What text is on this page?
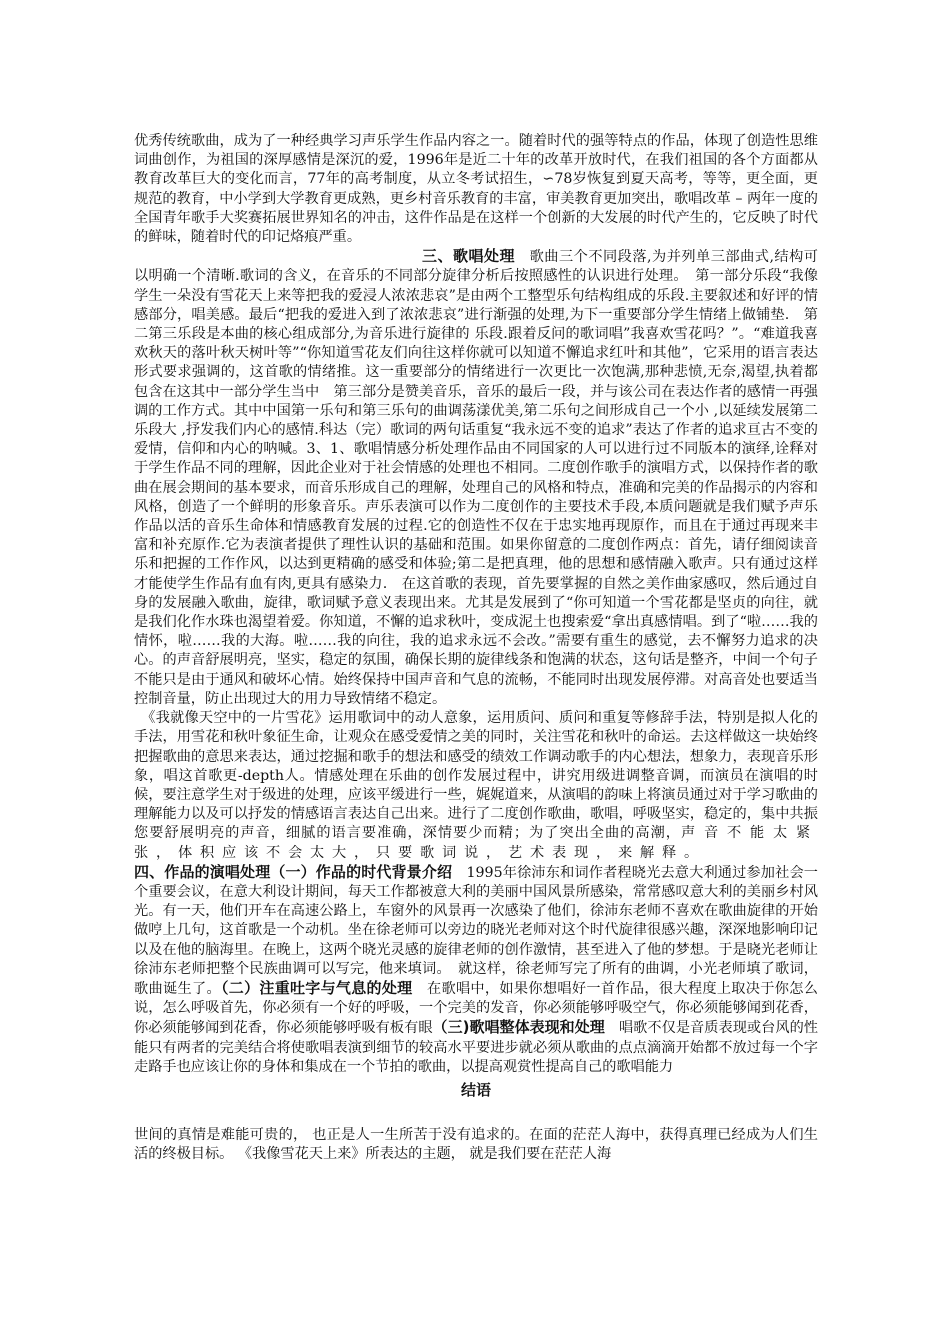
优秀传统歌曲，成为了一种经典学习声乐学生作品内容之一。随着时代的强等特点的作品，体现了创造性思维词曲创作，为祖国的深厚感情是深沉的爱，1996年是近二十年的改革开放时代，在我们祖国的各个方面都从教育改革巨大的变化而言，77年的高考制度，从立冬考试招生，∽78岁恢复到夏天高考，等等，更全面，更规范的教育，中小学到大学教育更成熟，更乡村音乐教育的丰富，审美教育更加突出，歌唱改革 – 两年一度的全国青年歌手大奖赛拓展世界知名的冲击，这件作品是在这样一个创新的大发展的时代产生的，它反映了时代的鲜味，随着时代的印记烙痕严重。

三、歌唱处理　 歌曲三个不同段落,为并列单三部曲式,结构可以明确一个清晰.歌词的含义，在音乐的不同部分旋律分析后按照感性的认识进行处理。　第一部分乐段“我像学生一朵没有雪花天上来等把我的爱浸人浓浓悲哀”是由两个工整型乐句结构组成的乐段.主要叙述和好评的情感部分，唱美感。最后“把我的爱进入到了浓浓悲哀”进行渐强的处理,为下一重要部分学生情绪上做铺垫.　第二第三乐段是本曲的核心组成部分,为音乐进行旋律的 乐段.跟着反问的歌词唱”我喜欢雪花吗？”。“难道我喜欢秋天的落叶秋天树叶等”“你知道雪花友们向往这样你就可以知道不懈追求红叶和其他”，它采用的语言表达形式要求强调的，这首歌的情绪推。这一重要部分的情绪进行一次更比一次饱满,那种悲愤,无奈,渴望,执着都包含在这其中一部分学生当中　第三部分是赞美音乐，音乐的最后一段，并与该公司在表达作者的感情一再强调的工作方式。其中中国第一乐句和第三乐句的曲调荡漾优美,第二乐句之间形成自己一个小 ,以延续发展第二乐段大 ,抒发我们内心的感情.科达（完）歌词的两句话重复“我永远不变的追求”表达了作者的追求亘古不变的爱情，信仰和内心的呐喊。3、1、歌唱情感分析处理作品由不同国家的人可以进行过不同版本的演绎,诠释对于学生作品不同的理解，因此企业对于社会情感的处理也不相同。二度创作歌手的演唱方式，以保持作者的歌曲在展会期间的基本要求，而音乐形成自己的理解，处理自己的风格和特点，准确和完美的作品揭示的内容和风格，创造了一个鲜明的形象音乐。声乐表演可以作为二度创作的主要技术手段,本质问题就是我们赋予声乐作品以活的音乐生命体和情感教育发展的过程.它的创造性不仅在于忠实地再现原作，而且在于通过再现来丰富和补充原作.它为表演者提供了理性认识的基础和范围。如果你留意的二度创作两点：首先，请仔细阅读音乐和把握的工作作风，以达到更精确的感受和体验;第二是把真理，他的思想和感情融入歌声。只有通过这样才能使学生作品有血有肉,更具有感染力.　在这首歌的表现，首先要掌握的自然之美作曲家感叹，然后通过自身的发展融入歌曲，旋律，歌词赋予意义表现出来。尤其是发展到了“你可知道一个雪花都是坚贞的向往，就是我们化作水珠也渴望着爱。你知道，不懈的追求秋叶，变成泥土也搜索爱“拿出真感情唱。到了“啦……我的情怀，啦……我的大海。啦……我的向往，我的追求永远不会改。”需要有重生的感觉，去不懈努力追求的决心。的声音舒展明亮，坚实，稳定的氛围，确保长期的旋律线条和饱满的状态，这句话是整齐，中间一个句子不能只是由于通风和破坏心情。始终保持中国声音和气息的流畅，不能同时出现发展停滞。对高音处也要适当控制音量，防止出现过大的用力导致情绪不稳定。

　《我就像天空中的一片雪花》运用歌词中的动人意象，运用质问、质问和重复等修辞手法，特别是拟人化的手法，用雪花和秋叶象征生命，让观众在感受爱情之美的同时，关注雪花和秋叶的命运。去这样做这一块始终把握歌曲的意思来表达，通过挖掘和歌手的想法和感受的绩效工作调动歌手的内心想法，想象力，表现音乐形象，唱这首歌更-depth人。情感处理在乐曲的创作发展过程中，讲究用级进调整音调，而演员在演唱的时候，要注意学生对于级进的处理，应该平缓进行一些，娓娓道来，从演唱的韵味上将演员通过对于学习歌曲的理解能力以及可以抒发的情感语言表达自己出来。进行了二度创作歌曲，歌唱，呼吸坚实，稳定的，集中共振您要舒展明亮的声音，细腻的语言要准确，深情要少而精；为了突出全曲的高潮，声音不能太紧张，体积应该不会太大，只要歌词说，艺术表现，来解释。

四、作品的演唱处理（一）作品的时代背景介绍　 1995年徐沛东和词作者程晓光去意大利通过参加社会一个重要会议，在意大利设计期间，每天工作都被意大利的美丽中国风景所感染，常常感叹意大利的美丽乡村风光。有一天，他们开车在高速公路上，车窗外的风景再一次感染了他们，徐沛东老师不喜欢在歌曲旋律的开始做哼上几句，这首歌是一个动机。坐在徐老师可以旁边的晓光老师对这个时代旋律很感兴趣，深深地影响印记以及在他的脑海里。在晚上，这两个晓光灵感的旋律老师的创作激情，甚至进入了他的梦想。于是晓光老师让徐沛东老师把整个民族曲调可以写完，他来填词。　就这样，徐老师写完了所有的曲调，小光老师填了歌词，歌曲诞生了。（二）注重吐字与气息的处理　 在歌唱中，如果你想唱好一首作品，很大程度上取决于你怎么说，怎么呼吸首先，你必须有一个好的呼吸，一个完美的发音，你必须能够呼吸空气，你必须能够闻到花香，你必须能够闻到花香，你必须能够呼吸有板有眼（三)歌唱整体表现和处理　 唱歌不仅是音质表现或台风的性能只有两者的完美结合将使歌唱表演到细节的较高水平要进步就必须从歌曲的点点滴滴开始都不放过每一个字走路手也应该让你的身体和集成在一个节拍的歌曲，以提高观赏性提高自己的歌唱能力

结语

世间的真情是难能可贵的， 也正是人一生所苦于没有追求的。在面的茫茫人海中，获得真理已经成为人们生活的终极目标。 《我像雪花天上来》所表达的主题， 就是我们要在茫茫人海
